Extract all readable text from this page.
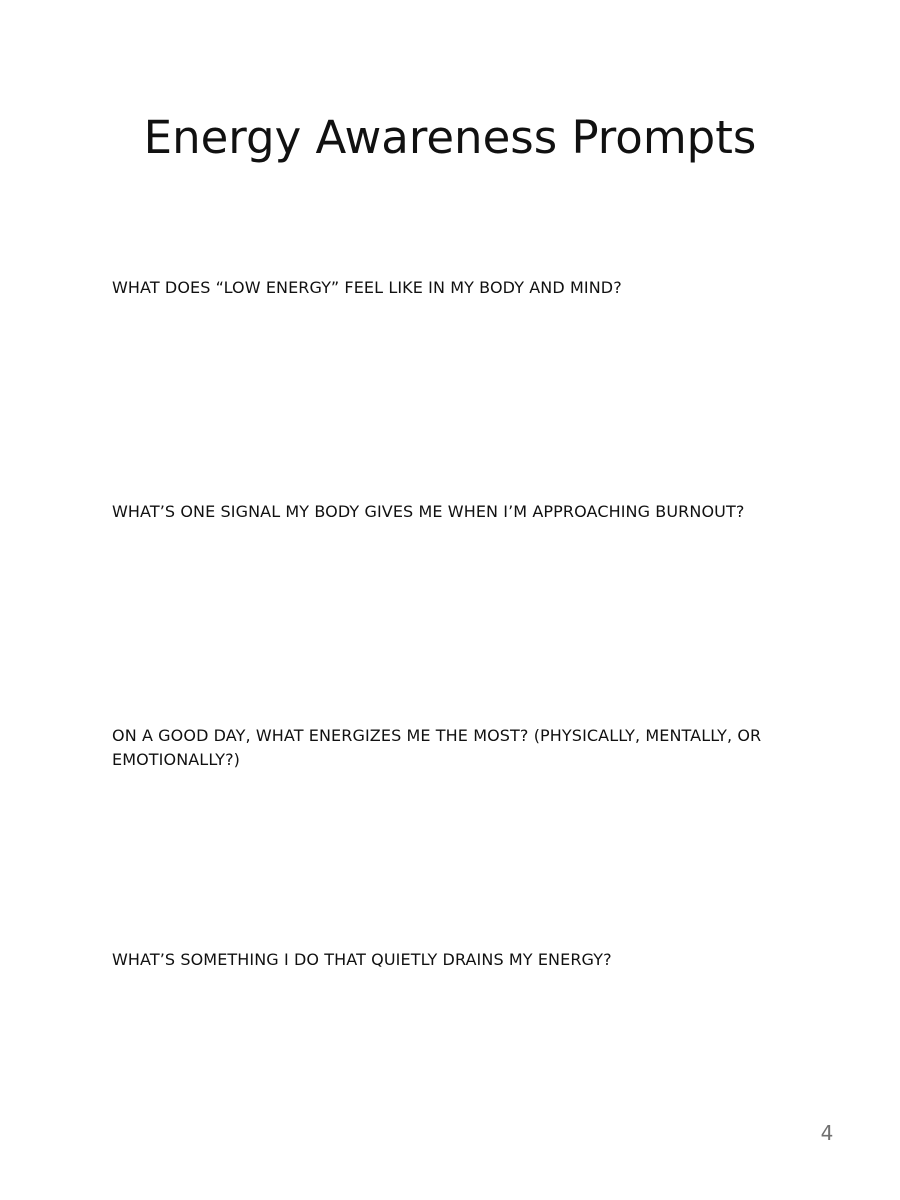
Energy Awareness Prompts

WHAT DOES “LOW ENERGY” FEEL LIKE IN MY BODY AND MIND?

WHAT’S ONE SIGNAL MY BODY GIVES ME WHEN I’M APPROACHING BURNOUT?

ON A GOOD DAY, WHAT ENERGIZES ME THE MOST? (PHYSICALLY, MENTALLY, OR EMOTIONALLY?)

WHAT’S SOMETHING I DO THAT QUIETLY DRAINS MY ENERGY?

4
